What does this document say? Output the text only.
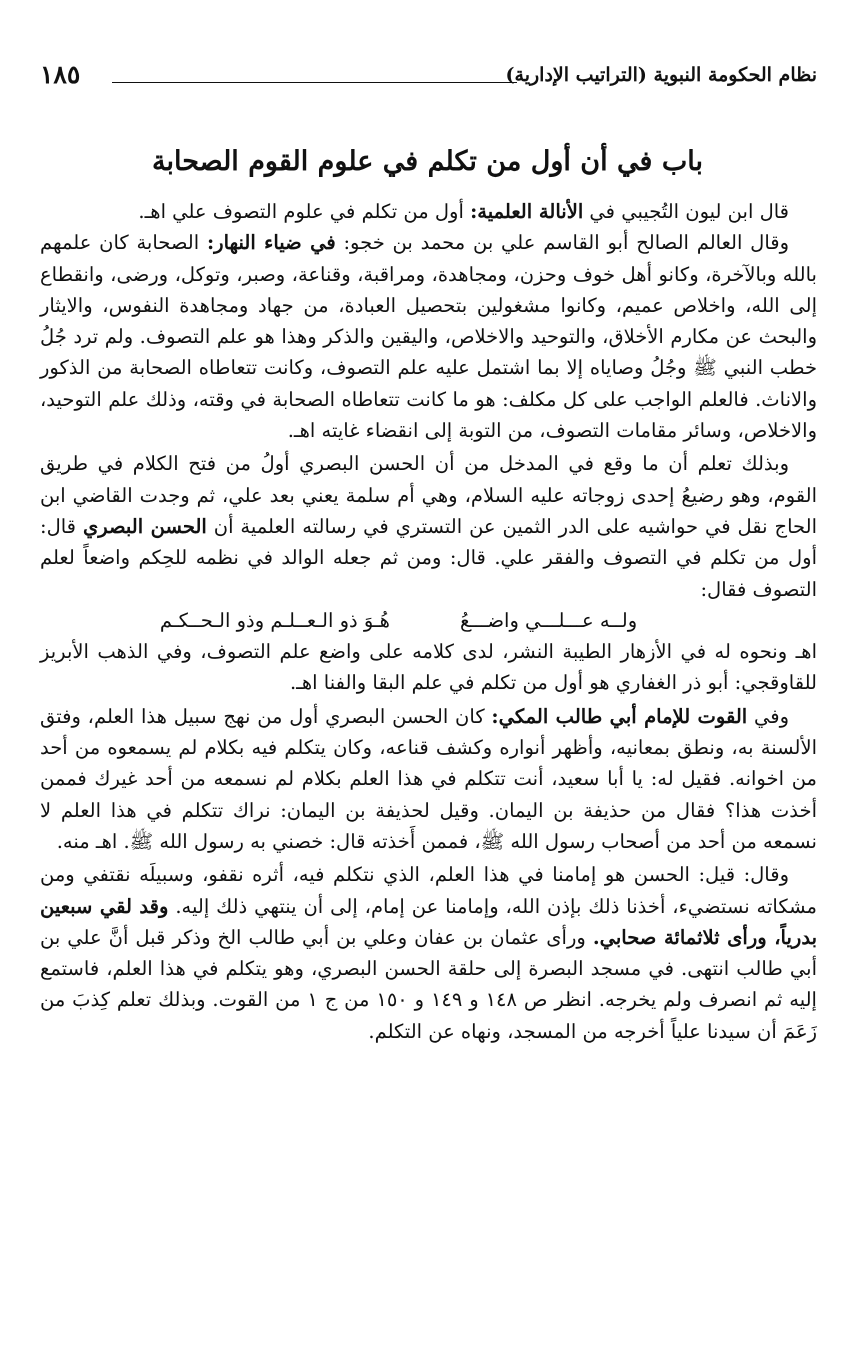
١٨٥	نظام الحكومة النبوية (التراتيب الإدارية)
باب في أن أول من تكلم في علوم القوم الصحابة

قال ابن ليون التُجيبي في الأنالة العلمية: أول من تكلم في علوم التصوف علي اهـ.

وقال العالم الصالح أبو القاسم علي بن محمد بن خجو: في ضياء النهار: الصحابة كان علمهم بالله وبالآخرة، وكانو أهل خوف وحزن، ومجاهدة، ومراقبة، وقناعة، وصبر، وتوكل، ورضى، وانقطاع إلى الله، واخلاص عميم، وكانوا مشغولين بتحصيل العبادة، من جهاد ومجاهدة النفوس، والايثار والبحث عن مكارم الأخلاق، والتوحيد والاخلاص، واليقين والذكر وهذا هو علم التصوف. ولم ترد جُلُ خطب النبي ﷺ وجُلُ وصاياه إلا بما اشتمل عليه علم التصوف، وكانت تتعاطاه الصحابة من الذكور والاناث. فالعلم الواجب على كل مكلف: هو ما كانت تتعاطاه الصحابة في وقته، وذلك علم التوحيد، والاخلاص، وسائر مقامات التصوف، من التوبة إلى انقضاء غايته اهـ.

وبذلك تعلم أن ما وقع في المدخل من أن الحسن البصري أولُ من فتح الكلام في طريق القوم، وهو رضيعُ إحدى زوجاته عليه السلام، وهي أم سلمة يعني بعد علي، ثم وجدت القاضي ابن الحاج نقل في حواشيه على الدر الثمين عن التستري في رسالته العلمية أن الحسن البصري قال: أول من تكلم في التصوف والفقر علي. قال: ومن ثم جعله الوالد في نظمه للحِكم واضعاً لعلم التصوف فقال:

ولــه عـــلـــي واضـــعُ
هُـوَ ذو الـعــلـم وذو الـحــكـم

اهـ ونحوه له في الأزهار الطيبة النشر، لدى كلامه على واضع علم التصوف، وفي الذهب الأبريز للقاوقجي: أبو ذر الغفاري هو أول من تكلم في علم البقا والفنا اهـ.

وفي القوت للإمام أبي طالب المكي: كان الحسن البصري أول من نهج سبيل هذا العلم، وفتق الألسنة به، ونطق بمعانيه، وأظهر أنواره وكشف قناعه، وكان يتكلم فيه بكلام لم يسمعوه من أحد من اخوانه. فقيل له: يا أبا سعيد، أنت تتكلم في هذا العلم بكلام لم نسمعه من أحد غيرك فممن أخذت هذا؟ فقال من حذيفة بن اليمان. وقيل لحذيفة بن اليمان: نراك تتكلم في هذا العلم لا نسمعه من أحد من أصحاب رسول الله ﷺ، فممن أَخذته قال: خصني به رسول الله ﷺ. اهـ منه.

وقال: قيل: الحسن هو إمامنا في هذا العلم، الذي نتكلم فيه، أثره نقفو، وسبيلَه نقتفي ومن مشكاته نستضيء، أخذنا ذلك بإذن الله، وإمامنا عن إمام، إلى أن ينتهي ذلك إليه. وقد لقي سبعين بدرياً، ورأى ثلاثمائة صحابي. ورأى عثمان بن عفان وعلي بن أبي طالب الخ وذكر قبل أنَّ علي بن أبي طالب انتهى. في مسجد البصرة إلى حلقة الحسن البصري، وهو يتكلم في هذا العلم، فاستمع إليه ثم انصرف ولم يخرجه. انظر ص ١٤٨ و ١٤٩ و ١٥٠ من ج ١ من القوت. وبذلك تعلم كِذبَ من زَعَمَ أن سيدنا علياً أخرجه من المسجد، ونهاه عن التكلم.
